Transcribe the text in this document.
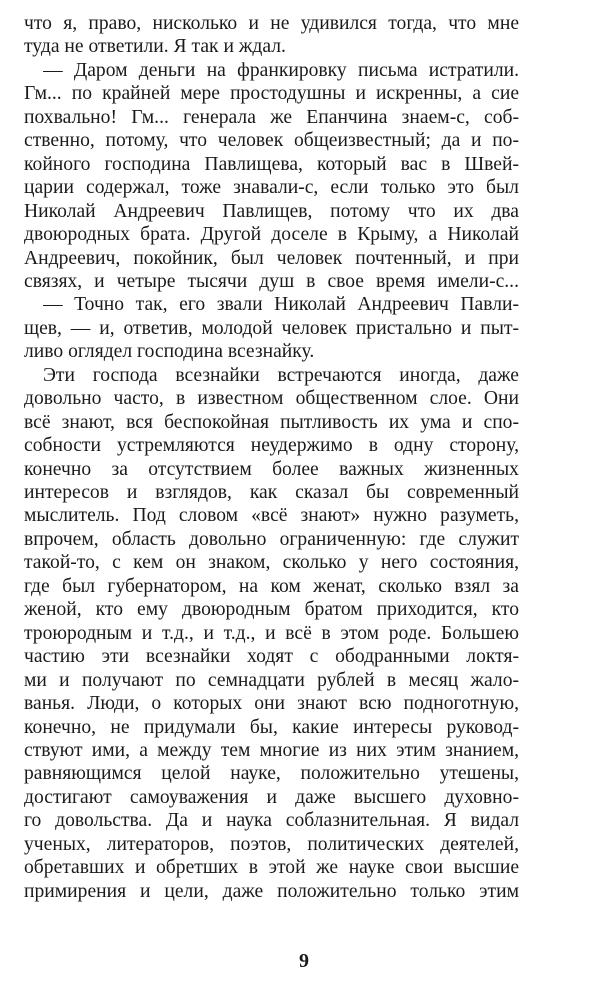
что я, право, нисколько и не удивился тогда, что мне
туда не ответили. Я так и ждал.
— Даром деньги на франкировку письма истратили.
Гм... по крайней мере простодушны и искренны, а сие
похвально! Гм... генерала же Епанчина знаем-с, соб-
ственно, потому, что человек общеизвестный; да и по-
койного господина Павлищева, который вас в Швей-
царии содержал, тоже знавали-с, если только это был
Николай Андреевич Павлищев, потому что их два
двоюродных брата. Другой доселе в Крыму, а Николай
Андреевич, покойник, был человек почтенный, и при
связях, и четыре тысячи душ в свое время имели-с...
— Точно так, его звали Николай Андреевич Павли-
щев, — и, ответив, молодой человек пристально и пыт-
ливо оглядел господина всезнайку.
Эти господа всезнайки встречаются иногда, даже
довольно часто, в известном общественном слое. Они
всё знают, вся беспокойная пытливость их ума и спо-
собности устремляются неудержимо в одну сторону,
конечно за отсутствием более важных жизненных
интересов и взглядов, как сказал бы современный
мыслитель. Под словом «всё знают» нужно разуметь,
впрочем, область довольно ограниченную: где служит
такой-то, с кем он знаком, сколько у него состояния,
где был губернатором, на ком женат, сколько взял за
женой, кто ему двоюродным братом приходится, кто
троюродным и т.д., и т.д., и всё в этом роде. Большею
частию эти всезнайки ходят с ободранными локтя-
ми и получают по семнадцати рублей в месяц жало-
ванья. Люди, о которых они знают всю подноготную,
конечно, не придумали бы, какие интересы руковод-
ствуют ими, а между тем многие из них этим знанием,
равняющимся целой науке, положительно утешены,
достигают самоуважения и даже высшего духовно-
го довольства. Да и наука соблазнительная. Я видал
ученых, литераторов, поэтов, политических деятелей,
обретавших и обретших в этой же науке свои высшие
примирения и цели, даже положительно только этим
9
